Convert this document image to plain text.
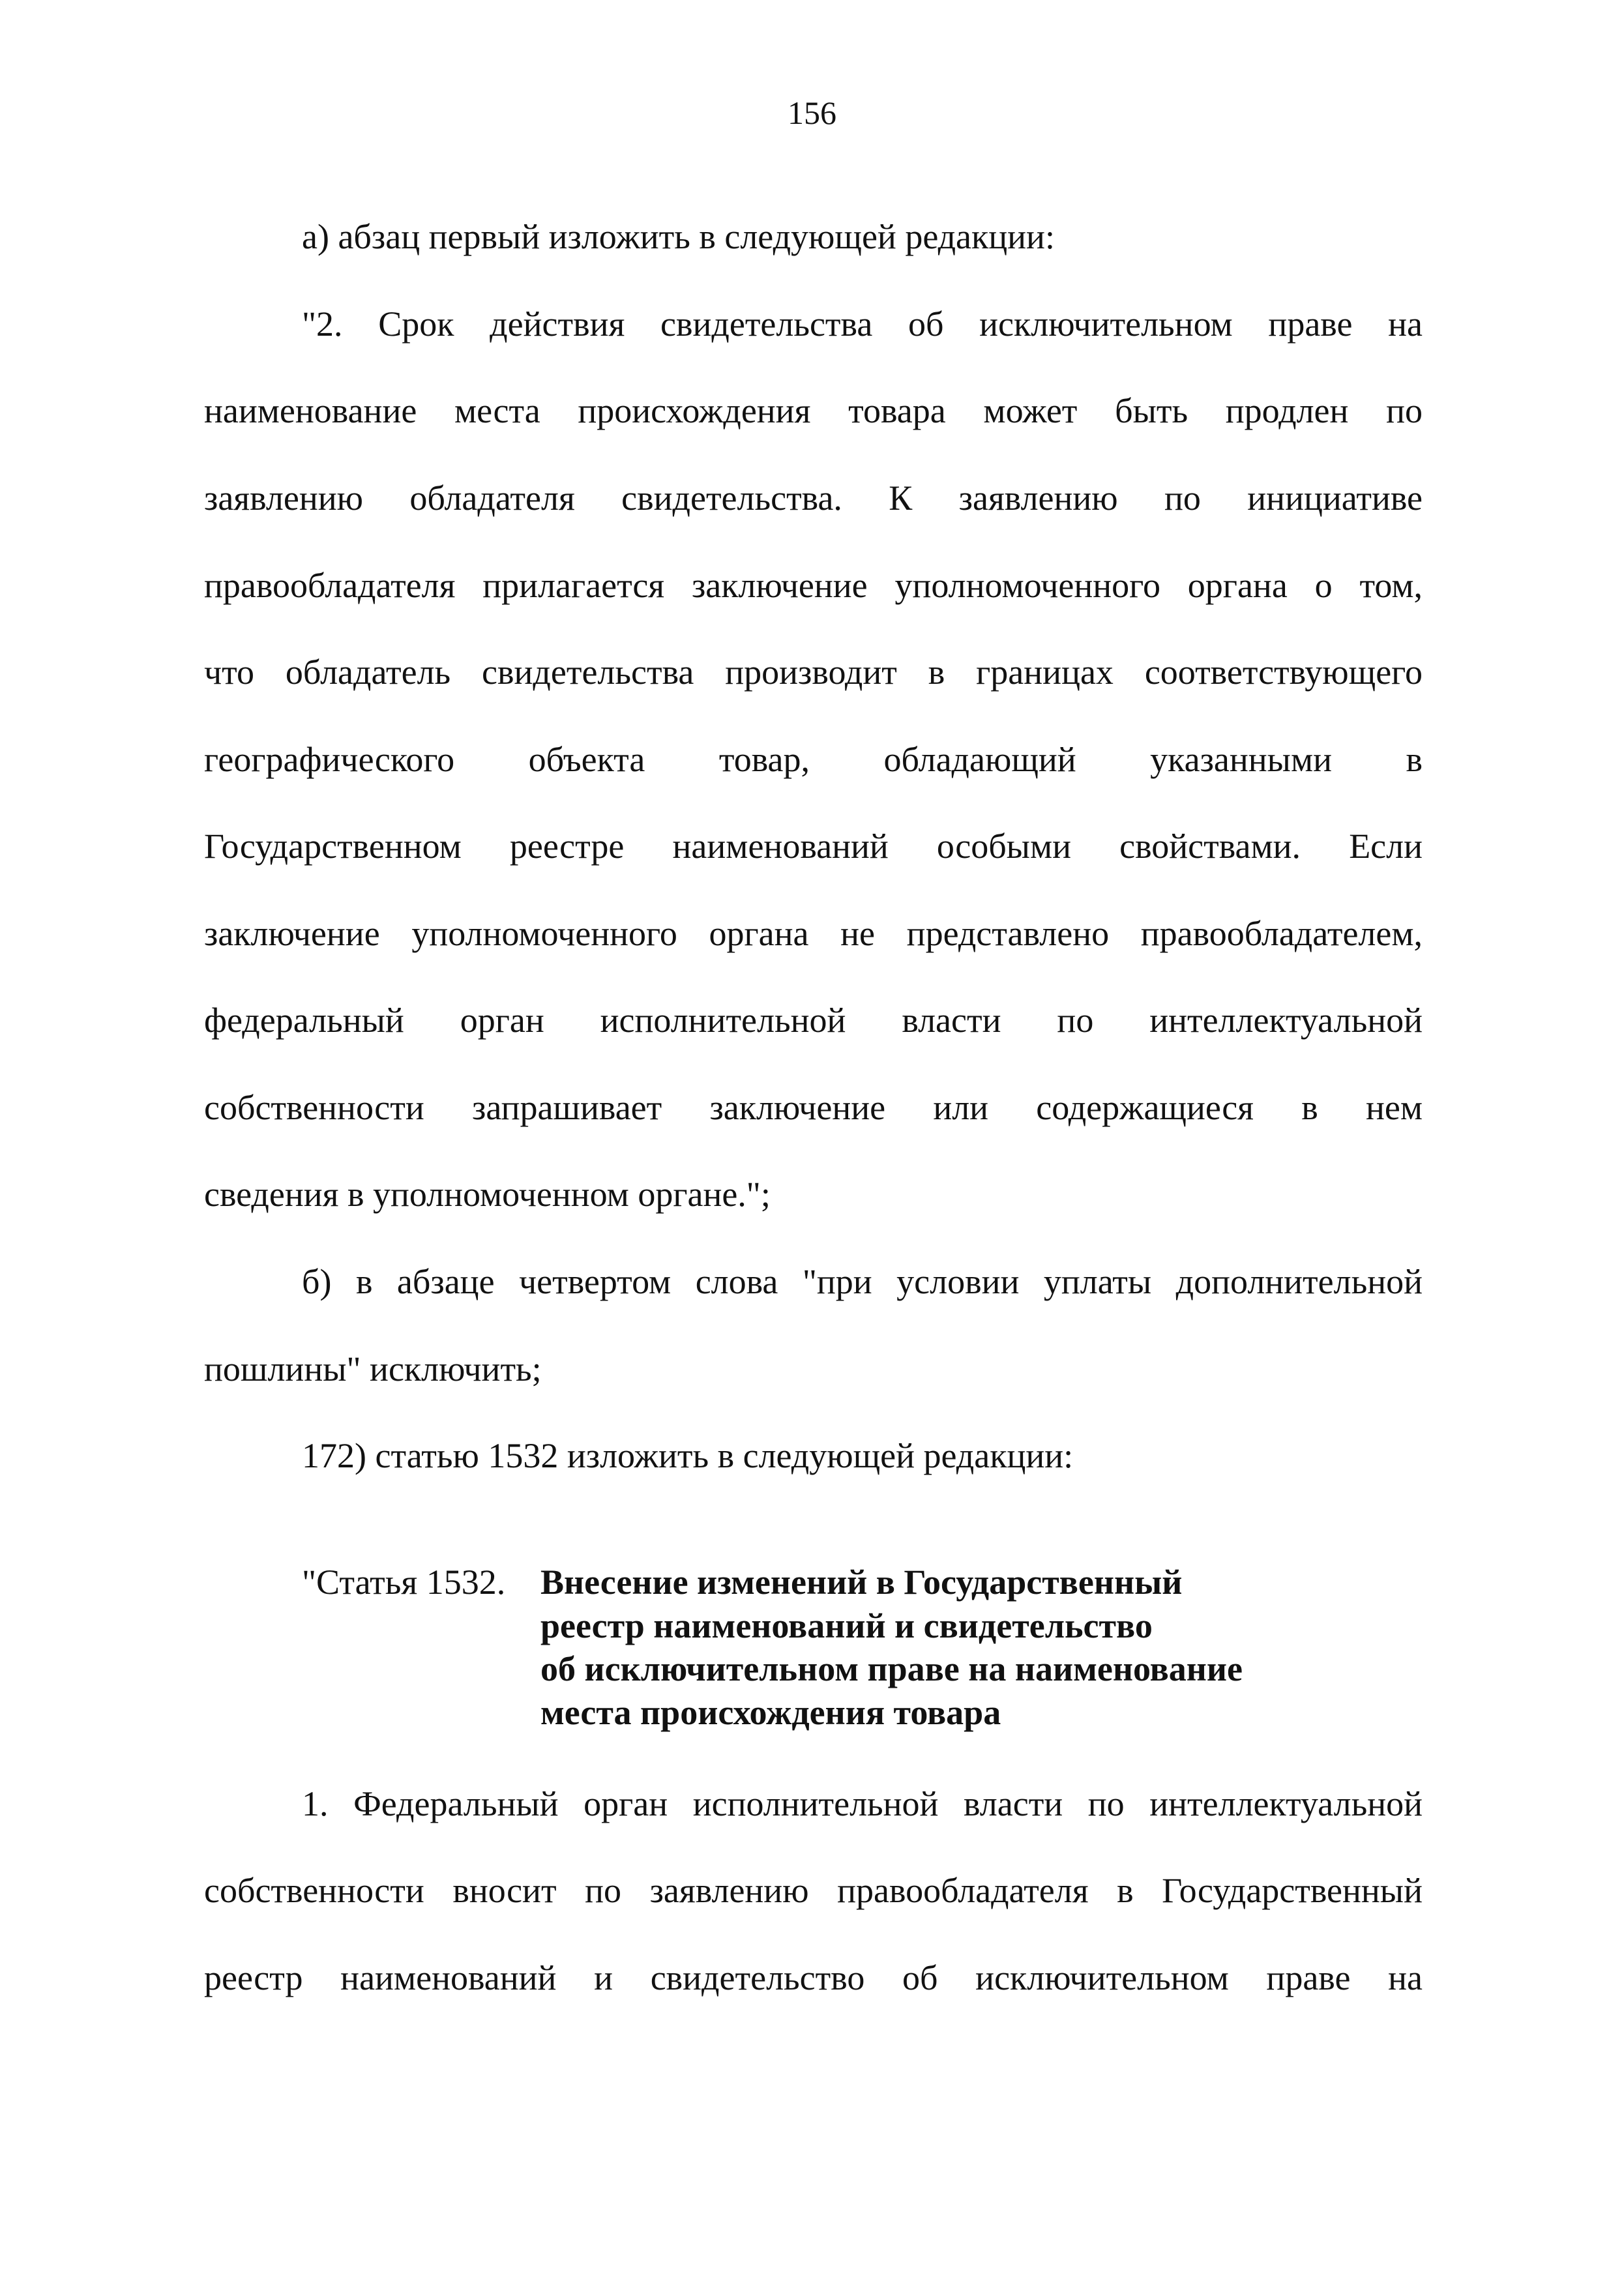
156

а) абзац первый изложить в следующей редакции:

"2. Срок действия свидетельства об исключительном праве на

наименование места происхождения товара может быть продлен по

заявлению обладателя свидетельства. К заявлению по инициативе

правообладателя прилагается заключение уполномоченного органа о том,

что обладатель свидетельства производит в границах соответствующего

географического объекта товар, обладающий указанными в

Государственном реестре наименований особыми свойствами. Если

заключение уполномоченного органа не представлено правообладателем,

федеральный орган исполнительной власти по интеллектуальной

собственности запрашивает заключение или содержащиеся в нем

сведения в уполномоченном органе.";

б) в абзаце четвертом слова "при условии уплаты дополнительной

пошлины" исключить;

172) статью 1532 изложить в следующей редакции:

"Статья 1532. Внесение изменений в Государственный

реестр наименований и свидетельство

об исключительном праве на наименование

места происхождения товара

1. Федеральный орган исполнительной власти по интеллектуальной

собственности вносит по заявлению правообладателя в Государственный

реестр наименований и свидетельство об исключительном праве на
